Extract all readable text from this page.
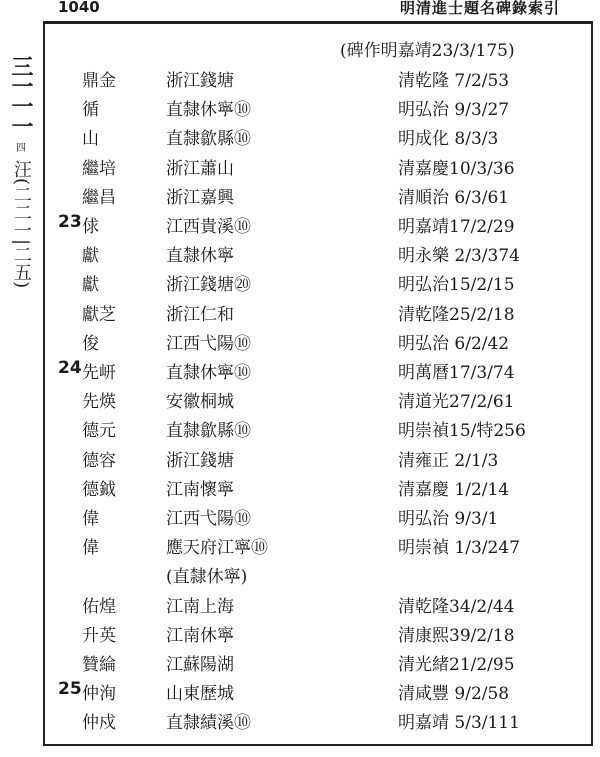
1040	明清進士題名碑錄索引
三一一一
四
汪(二二一|二五)
(碑作明嘉靖23/3/175)
鼎金	浙江錢塘	清乾隆 7/2/53
循	直隸休寧⑩	明弘治 9/3/27
山	直隸歙縣⑩	明成化 8/3/3
繼培	浙江蕭山	清嘉慶10/3/36
繼昌	浙江嘉興	清順治 6/3/61
23 俅	江西貴溪⑩	明嘉靖17/2/29
獻	直隸休寧	明永樂 2/3/374
獻	浙江錢塘⑳	明弘治15/2/15
獻芝	浙江仁和	清乾隆25/2/18
俊	江西弋陽⑩	明弘治 6/2/42
24 先岍	直隸休寧⑩	明萬曆17/3/74
先煐	安徽桐城	清道光27/2/61
德元	直隸歙縣⑩	明崇禎15/特256
德容	浙江錢塘	清雍正 2/1/3
德鉞	江南懷寧	清嘉慶 1/2/14
偉	江西弋陽⑩	明弘治 9/3/1
偉	應天府江寧⑩	明崇禎 1/3/247
(直隸休寧)
佑煌	江南上海	清乾隆34/2/44
升英	江南休寧	清康熙39/2/18
贊綸	江蘇陽湖	清光緒21/2/95
25 仲洵	山東歷城	清咸豐 9/2/58
仲戍	直隸績溪⑩	明嘉靖 5/3/111
